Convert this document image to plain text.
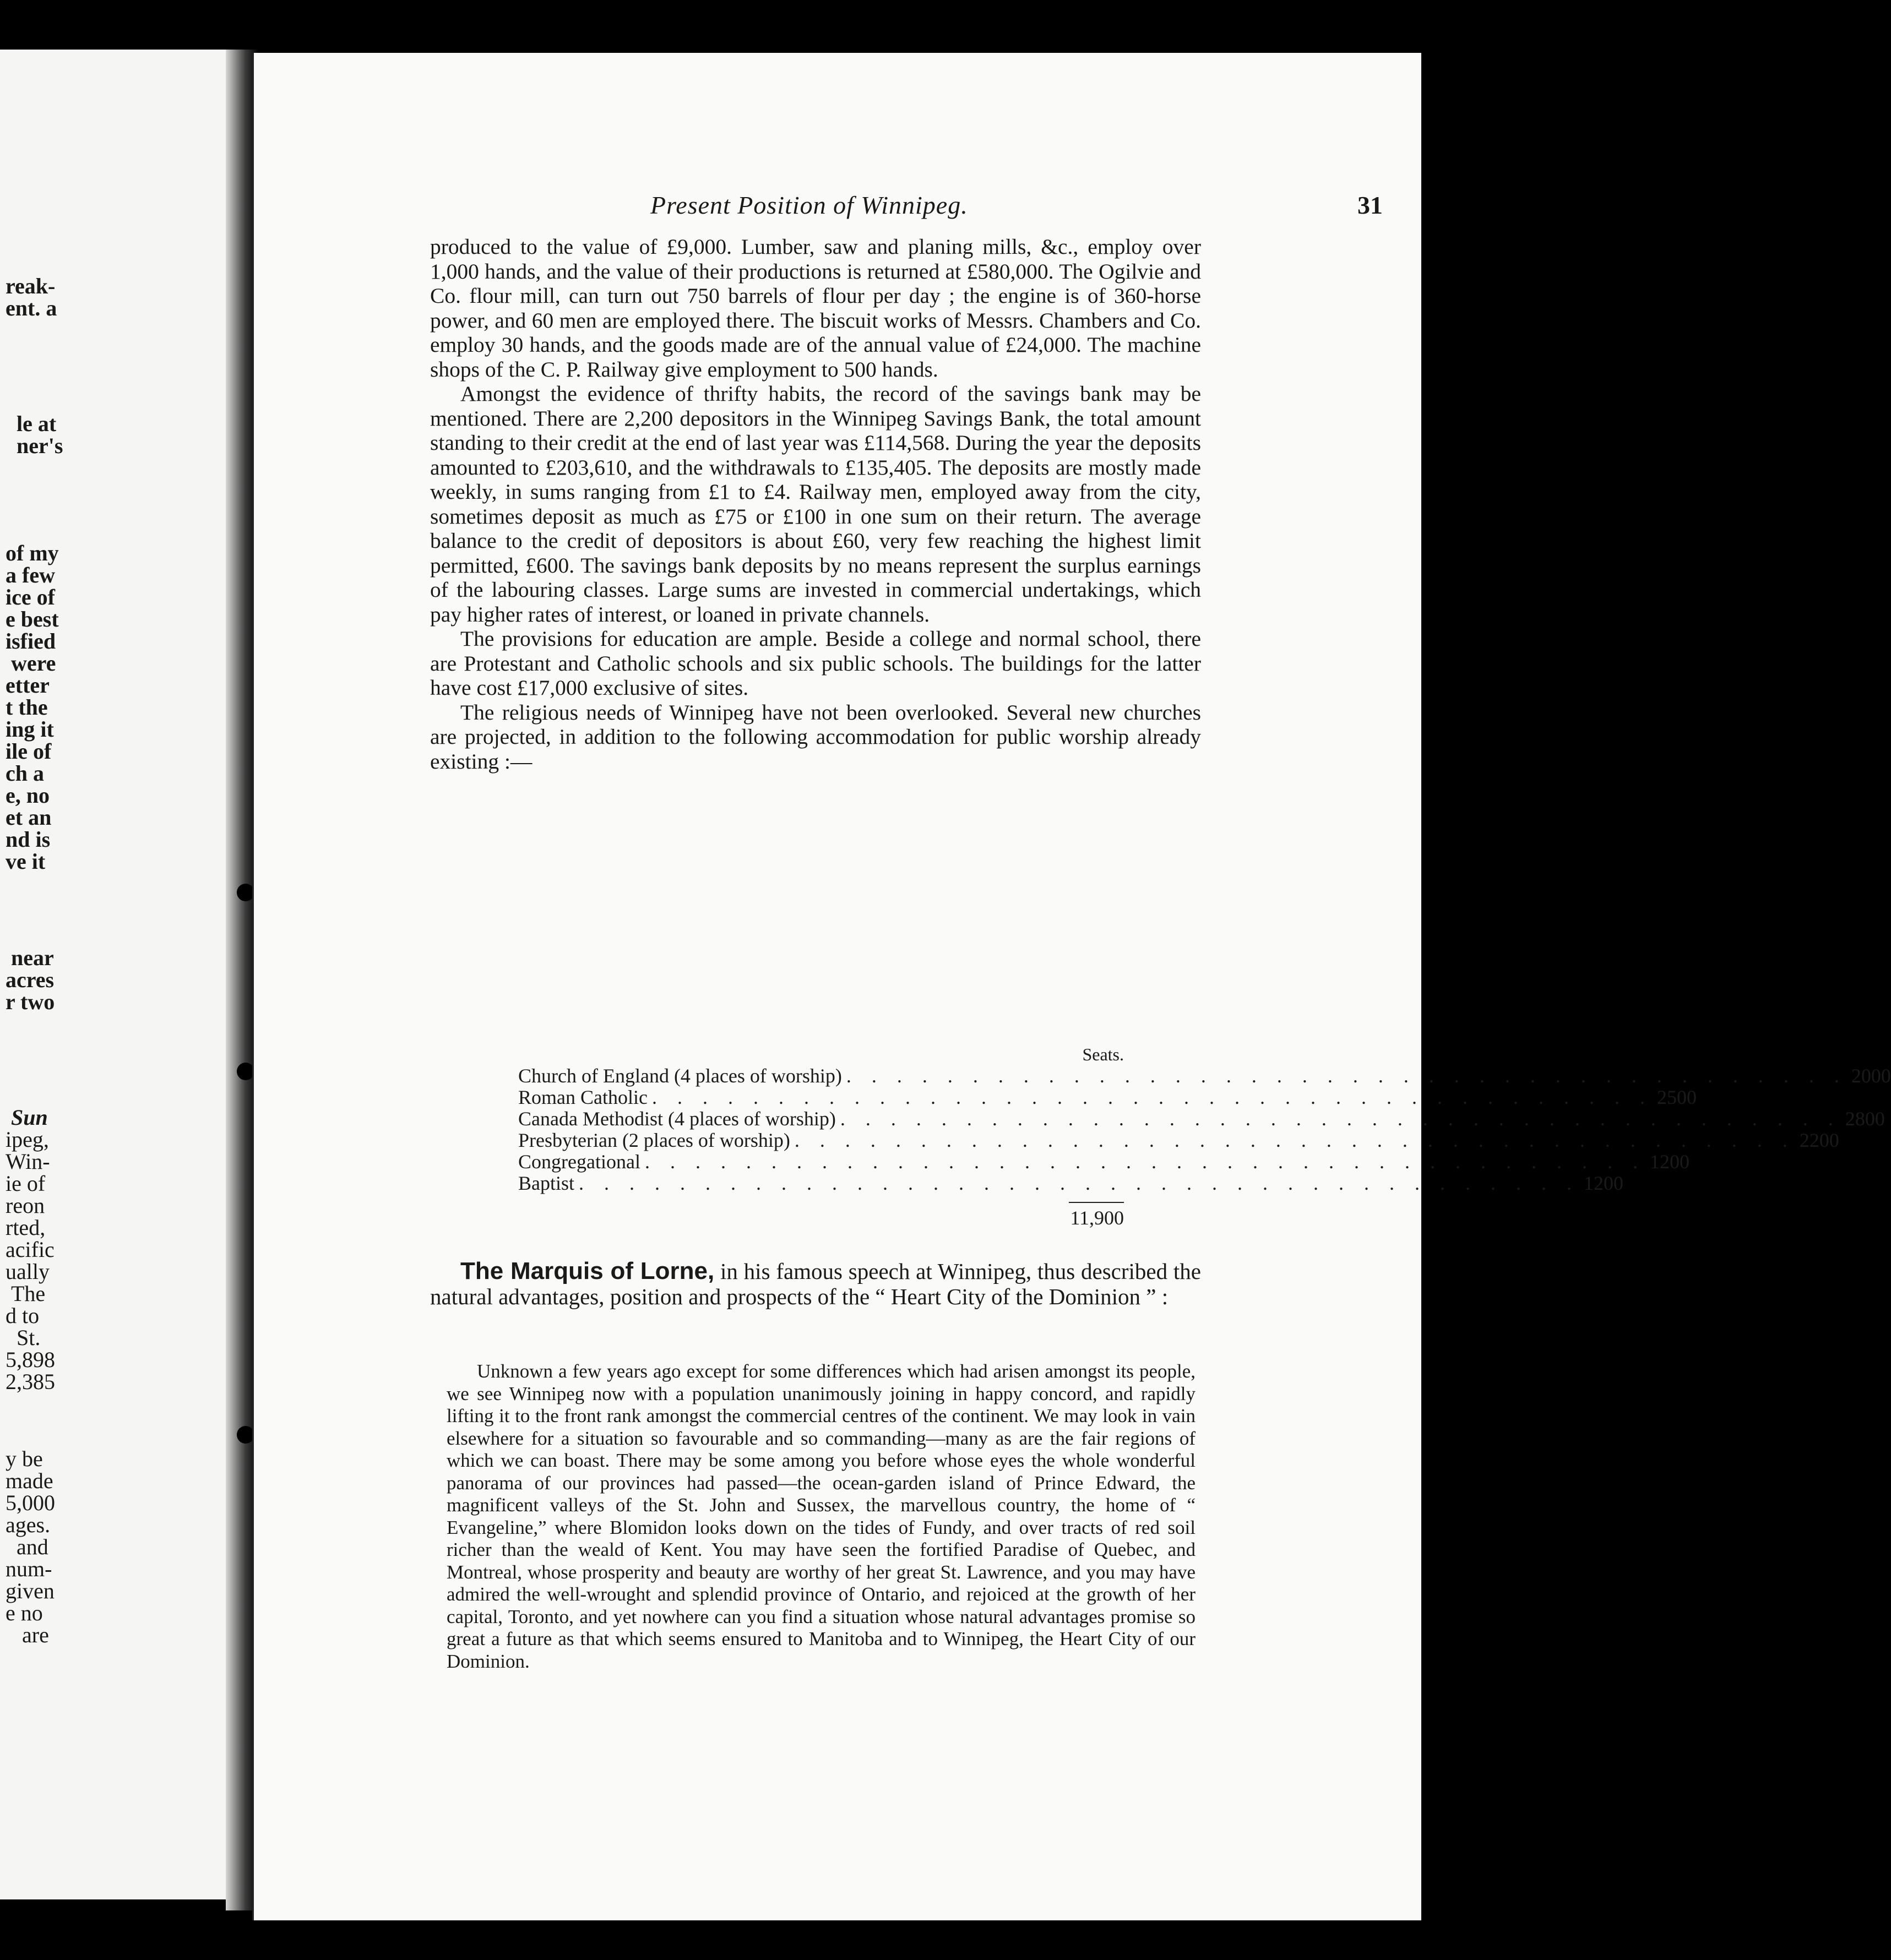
reak-
ent. a
le at
ner's
of my
a few
ice of
e best
isfied
were
etter
t the
ing it
ile of
ch a
e, no
et an
nd is
ve it
near
acres
r two
Sun
ipeg,
Win-
ie of
reon
rted,
acific
ually
The
d to
St.
5,898
2,385
y be
made
5,000
ages.
and
num-
given
e no
are
Present Position of Winnipeg.	31

produced to the value of £9,000. Lumber, saw and planing mills, &c., employ over 1,000 hands, and the value of their productions is returned at £580,000. The Ogilvie and Co. flour mill, can turn out 750 barrels of flour per day ; the engine is of 360-horse power, and 60 men are employed there. The biscuit works of Messrs. Chambers and Co. employ 30 hands, and the goods made are of the annual value of £24,000. The machine shops of the C. P. Railway give employment to 500 hands.

Amongst the evidence of thrifty habits, the record of the savings bank may be mentioned. There are 2,200 depositors in the Winnipeg Savings Bank, the total amount standing to their credit at the end of last year was £114,568. During the year the deposits amounted to £203,610, and the withdrawals to £135,405. The deposits are mostly made weekly, in sums ranging from £1 to £4. Railway men, employed away from the city, sometimes deposit as much as £75 or £100 in one sum on their return. The average balance to the credit of depositors is about £60, very few reaching the highest limit permitted, £600. The savings bank deposits by no means represent the surplus earnings of the labouring classes. Large sums are invested in commercial undertakings, which pay higher rates of interest, or loaned in private channels.

The provisions for education are ample. Beside a college and normal school, there are Protestant and Catholic schools and six public schools. The buildings for the latter have cost £17,000 exclusive of sites.

The religious needs of Winnipeg have not been overlooked. Several new churches are projected, in addition to the following accommodation for public worship already existing :—

Seats.
Church of England (4 places of worship) . . . . . . . . . . . . . . . . . . . . . . . . . . . . . . . . . . . . . . . . 2000
Roman Catholic . . . . . . . . . . . . . . . . . . . . . . . . . . . . . . . . . . . . . . . . 2500
Canada Methodist (4 places of worship) . . . . . . . . . . . . . . . . . . . . . . . . . . . . . . . . . . . . . . . . 2800
Presbyterian (2 places of worship) . . . . . . . . . . . . . . . . . . . . . . . . . . . . . . . . . . . . . . . . 2200
Congregational . . . . . . . . . . . . . . . . . . . . . . . . . . . . . . . . . . . . . . . . 1200
Baptist . . . . . . . . . . . . . . . . . . . . . . . . . . . . . . . . . . . . . . . . 1200
11,900

The Marquis of Lorne, in his famous speech at Winnipeg, thus described the natural advantages, position and prospects of the “ Heart City of the Dominion ” :

Unknown a few years ago except for some differences which had arisen amongst its people, we see Winnipeg now with a population unanimously joining in happy concord, and rapidly lifting it to the front rank amongst the commercial centres of the continent. We may look in vain elsewhere for a situation so favourable and so commanding—many as are the fair regions of which we can boast. There may be some among you before whose eyes the whole wonderful panorama of our provinces had passed—the ocean-garden island of Prince Edward, the magnificent valleys of the St. John and Sussex, the marvellous country, the home of “ Evangeline,” where Blomidon looks down on the tides of Fundy, and over tracts of red soil richer than the weald of Kent. You may have seen the fortified Paradise of Quebec, and Montreal, whose prosperity and beauty are worthy of her great St. Lawrence, and you may have admired the well-wrought and splendid province of Ontario, and rejoiced at the growth of her capital, Toronto, and yet nowhere can you find a situation whose natural advantages promise so great a future as that which seems ensured to Manitoba and to Winnipeg, the Heart City of our Dominion.
